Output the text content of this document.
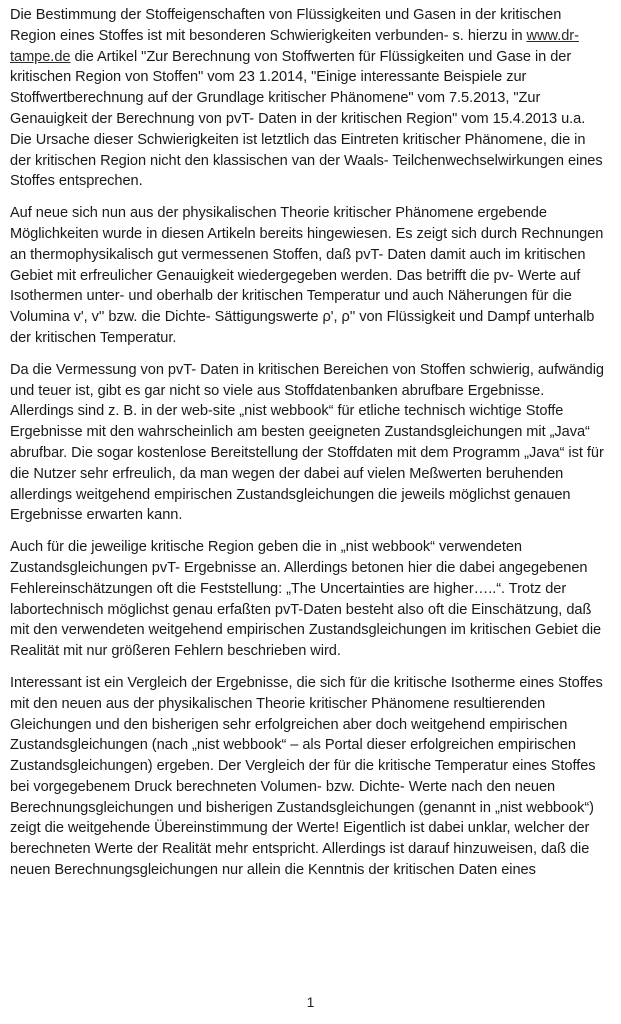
Die Bestimmung der Stoffeigenschaften von Flüssigkeiten und Gasen in der kritischen Region eines Stoffes ist mit besonderen Schwierigkeiten verbunden- s. hierzu in www.dr-tampe.de die Artikel "Zur Berechnung von Stoffwerten für Flüssigkeiten und Gase in der kritischen Region von Stoffen" vom 23 1.2014, "Einige interessante Beispiele zur Stoffwertberechnung auf der Grundlage kritischer Phänomene" vom 7.5.2013, "Zur Genauigkeit der Berechnung von pvT- Daten in der kritischen Region" vom 15.4.2013 u.a. Die Ursache dieser Schwierigkeiten ist letztlich das Eintreten kritischer Phänomene, die in der kritischen Region nicht den klassischen van der Waals- Teilchenwechselwirkungen eines Stoffes entsprechen.

Auf neue sich nun aus der physikalischen Theorie kritischer Phänomene ergebende Möglichkeiten wurde in diesen Artikeln bereits hingewiesen. Es zeigt sich durch Rechnungen an thermophysikalisch gut vermessenen Stoffen, daß pvT- Daten damit auch im kritischen Gebiet mit erfreulicher Genauigkeit wiedergegeben werden. Das betrifft die pv- Werte auf Isothermen unter- und oberhalb der kritischen Temperatur und auch Näherungen für die Volumina v', v'' bzw. die Dichte- Sättigungswerte ρ', ρ'' von Flüssigkeit und Dampf unterhalb der kritischen Temperatur.

Da die Vermessung von pvT- Daten in kritischen Bereichen von Stoffen schwierig, aufwändig und teuer ist, gibt es gar nicht so viele aus Stoffdatenbanken abrufbare Ergebnisse. Allerdings sind z. B. in der web-site „nist webbook“ für etliche technisch wichtige Stoffe Ergebnisse mit den wahrscheinlich am besten geeigneten Zustandsgleichungen mit „Java“ abrufbar. Die sogar kostenlose Bereitstellung der Stoffdaten mit dem Programm „Java“ ist für die Nutzer sehr erfreulich, da man wegen der dabei auf vielen Meßwerten beruhenden allerdings weitgehend empirischen Zustandsgleichungen die jeweils möglichst genauen Ergebnisse erwarten kann.

Auch für die jeweilige kritische Region geben die in „nist webbook“ verwendeten Zustandsgleichungen pvT- Ergebnisse an. Allerdings betonen hier die dabei angegebenen Fehlereinschätzungen oft die Feststellung: „The Uncertainties are higher…..“. Trotz der labortechnisch möglichst genau erfaßten pvT-Daten besteht also oft die Einschätzung, daß mit den verwendeten weitgehend empirischen Zustandsgleichungen im kritischen Gebiet die Realität mit nur größeren Fehlern beschrieben wird.

Interessant ist ein Vergleich der Ergebnisse, die sich für die kritische Isotherme eines Stoffes mit den neuen aus der physikalischen Theorie kritischer Phänomene resultierenden Gleichungen und den bisherigen sehr erfolgreichen aber doch weitgehend empirischen Zustandsgleichungen (nach „nist webbook“ – als Portal dieser erfolgreichen empirischen Zustandsgleichungen) ergeben. Der Vergleich der für die kritische Temperatur eines Stoffes bei vorgegebenem Druck berechneten Volumen- bzw. Dichte- Werte nach den neuen Berechnungsgleichungen und bisherigen Zustandsgleichungen (genannt in „nist webbook“) zeigt die weitgehende Übereinstimmung der Werte! Eigentlich ist dabei unklar, welcher der berechneten Werte der Realität mehr entspricht. Allerdings ist darauf hinzuweisen, daß die neuen Berechnungsgleichungen nur allein die Kenntnis der kritischen Daten eines

1
